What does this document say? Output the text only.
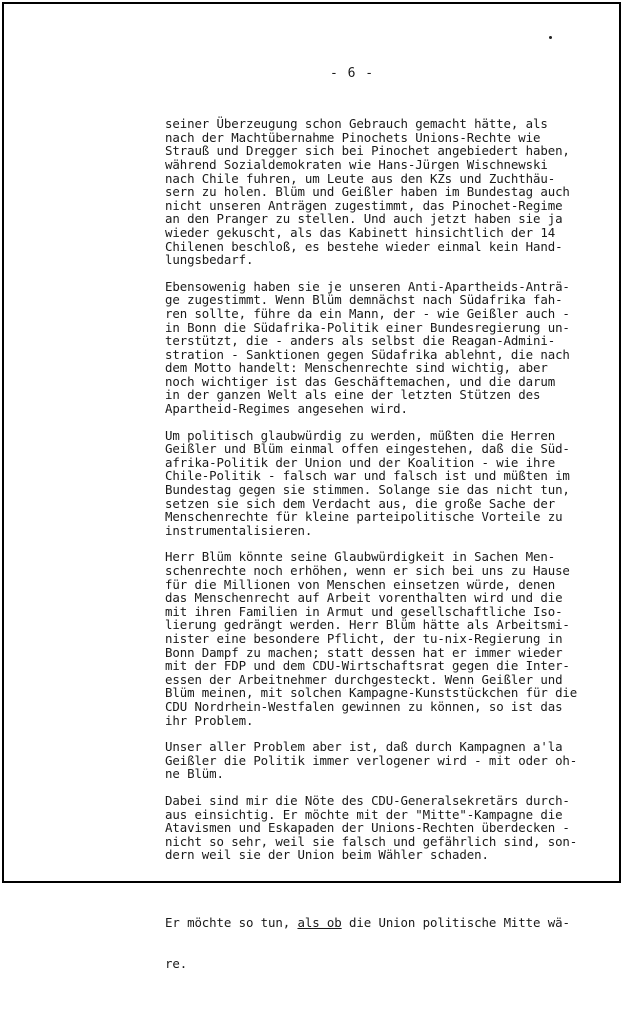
- 6 -

seiner Überzeugung schon Gebrauch gemacht hätte, als
nach der Machtübernahme Pinochets Unions-Rechte wie
Strauß und Dregger sich bei Pinochet angebiedert haben,
während Sozialdemokraten wie Hans-Jürgen Wischnewski
nach Chile fuhren, um Leute aus den KZs und Zuchthäu-
sern zu holen. Blüm und Geißler haben im Bundestag auch
nicht unseren Anträgen zugestimmt, das Pinochet-Regime
an den Pranger zu stellen. Und auch jetzt haben sie ja
wieder gekuscht, als das Kabinett hinsichtlich der 14
Chilenen beschloß, es bestehe wieder einmal kein Hand-
lungsbedarf.
Ebensowenig haben sie je unseren Anti-Apartheids-Anträ-
ge zugestimmt. Wenn Blüm demnächst nach Südafrika fah-
ren sollte, führe da ein Mann, der - wie Geißler auch -
in Bonn die Südafrika-Politik einer Bundesregierung un-
terstützt, die - anders als selbst die Reagan-Admini-
stration - Sanktionen gegen Südafrika ablehnt, die nach
dem Motto handelt: Menschenrechte sind wichtig, aber
noch wichtiger ist das Geschäftemachen, und die darum
in der ganzen Welt als eine der letzten Stützen des
Apartheid-Regimes angesehen wird.
Um politisch glaubwürdig zu werden, müßten die Herren
Geißler und Blüm einmal offen eingestehen, daß die Süd-
afrika-Politik der Union und der Koalition - wie ihre
Chile-Politik - falsch war und falsch ist und müßten im
Bundestag gegen sie stimmen. Solange sie das nicht tun,
setzen sie sich dem Verdacht aus, die große Sache der
Menschenrechte für kleine parteipolitische Vorteile zu
instrumentalisieren.
Herr Blüm könnte seine Glaubwürdigkeit in Sachen Men-
schenrechte noch erhöhen, wenn er sich bei uns zu Hause
für die Millionen von Menschen einsetzen würde, denen
das Menschenrecht auf Arbeit vorenthalten wird und die
mit ihren Familien in Armut und gesellschaftliche Iso-
lierung gedrängt werden. Herr Blüm hätte als Arbeitsmi-
nister eine besondere Pflicht, der tu-nix-Regierung in
Bonn Dampf zu machen; statt dessen hat er immer wieder
mit der FDP und dem CDU-Wirtschaftsrat gegen die Inter-
essen der Arbeitnehmer durchgesteckt. Wenn Geißler und
Blüm meinen, mit solchen Kampagne-Kunststückchen für die
CDU Nordrhein-Westfalen gewinnen zu können, so ist das
ihr Problem.
Unser aller Problem aber ist, daß durch Kampagnen a'la
Geißler die Politik immer verlogener wird - mit oder oh-
ne Blüm.
Dabei sind mir die Nöte des CDU-Generalsekretärs durch-
aus einsichtig. Er möchte mit der "Mitte"-Kampagne die
Atavismen und Eskapaden der Unions-Rechten überdecken -
nicht so sehr, weil sie falsch und gefährlich sind, son-
dern weil sie der Union beim Wähler schaden.

Er möchte so tun, als ob die Union politische Mitte wä-

re.
